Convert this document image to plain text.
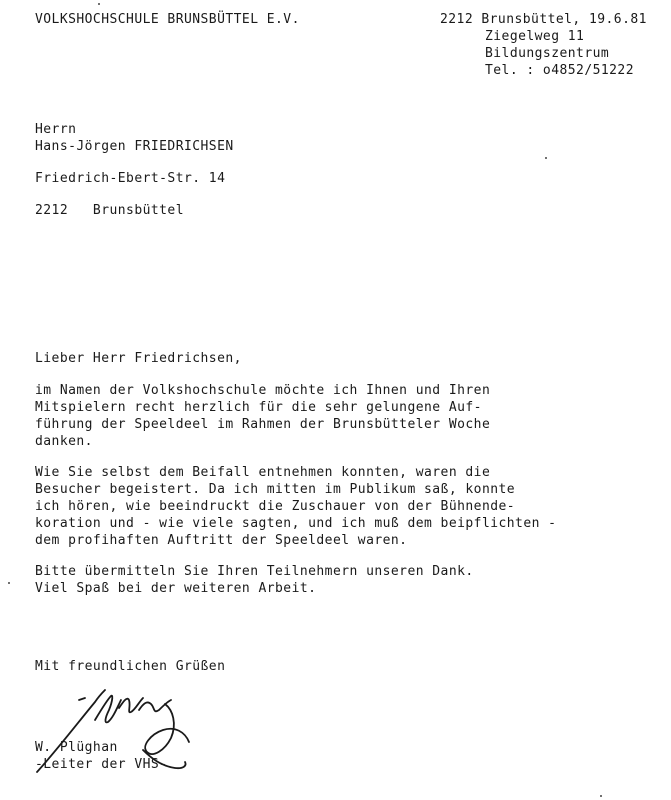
VOLKSHOCHSCHULE BRUNSBÜTTEL E.V.	2212 Brunsbüttel, 19.6.81
Ziegelweg 11
Bildungszentrum
Tel. : o4852/51222
Herrn
Hans-Jörgen FRIEDRICHSEN
Friedrich-Ebert-Str. 14
2212   Brunsbüttel
Lieber Herr Friedrichsen,
im Namen der Volkshochschule möchte ich Ihnen und Ihren
Mitspielern recht herzlich für die sehr gelungene Auf-
führung der Speeldeel im Rahmen der Brunsbütteler Woche
danken.
Wie Sie selbst dem Beifall entnehmen konnten, waren die
Besucher begeistert. Da ich mitten im Publikum saß, konnte
ich hören, wie beeindruckt die Zuschauer von der Bühnende-
koration und - wie viele sagten, und ich muß dem beipflichten -
dem profihaften Auftritt der Speeldeel waren.
Bitte übermitteln Sie Ihren Teilnehmern unseren Dank.
Viel Spaß bei der weiteren Arbeit.
Mit freundlichen Grüßen
W. Plüghan
-Leiter der VHS-
